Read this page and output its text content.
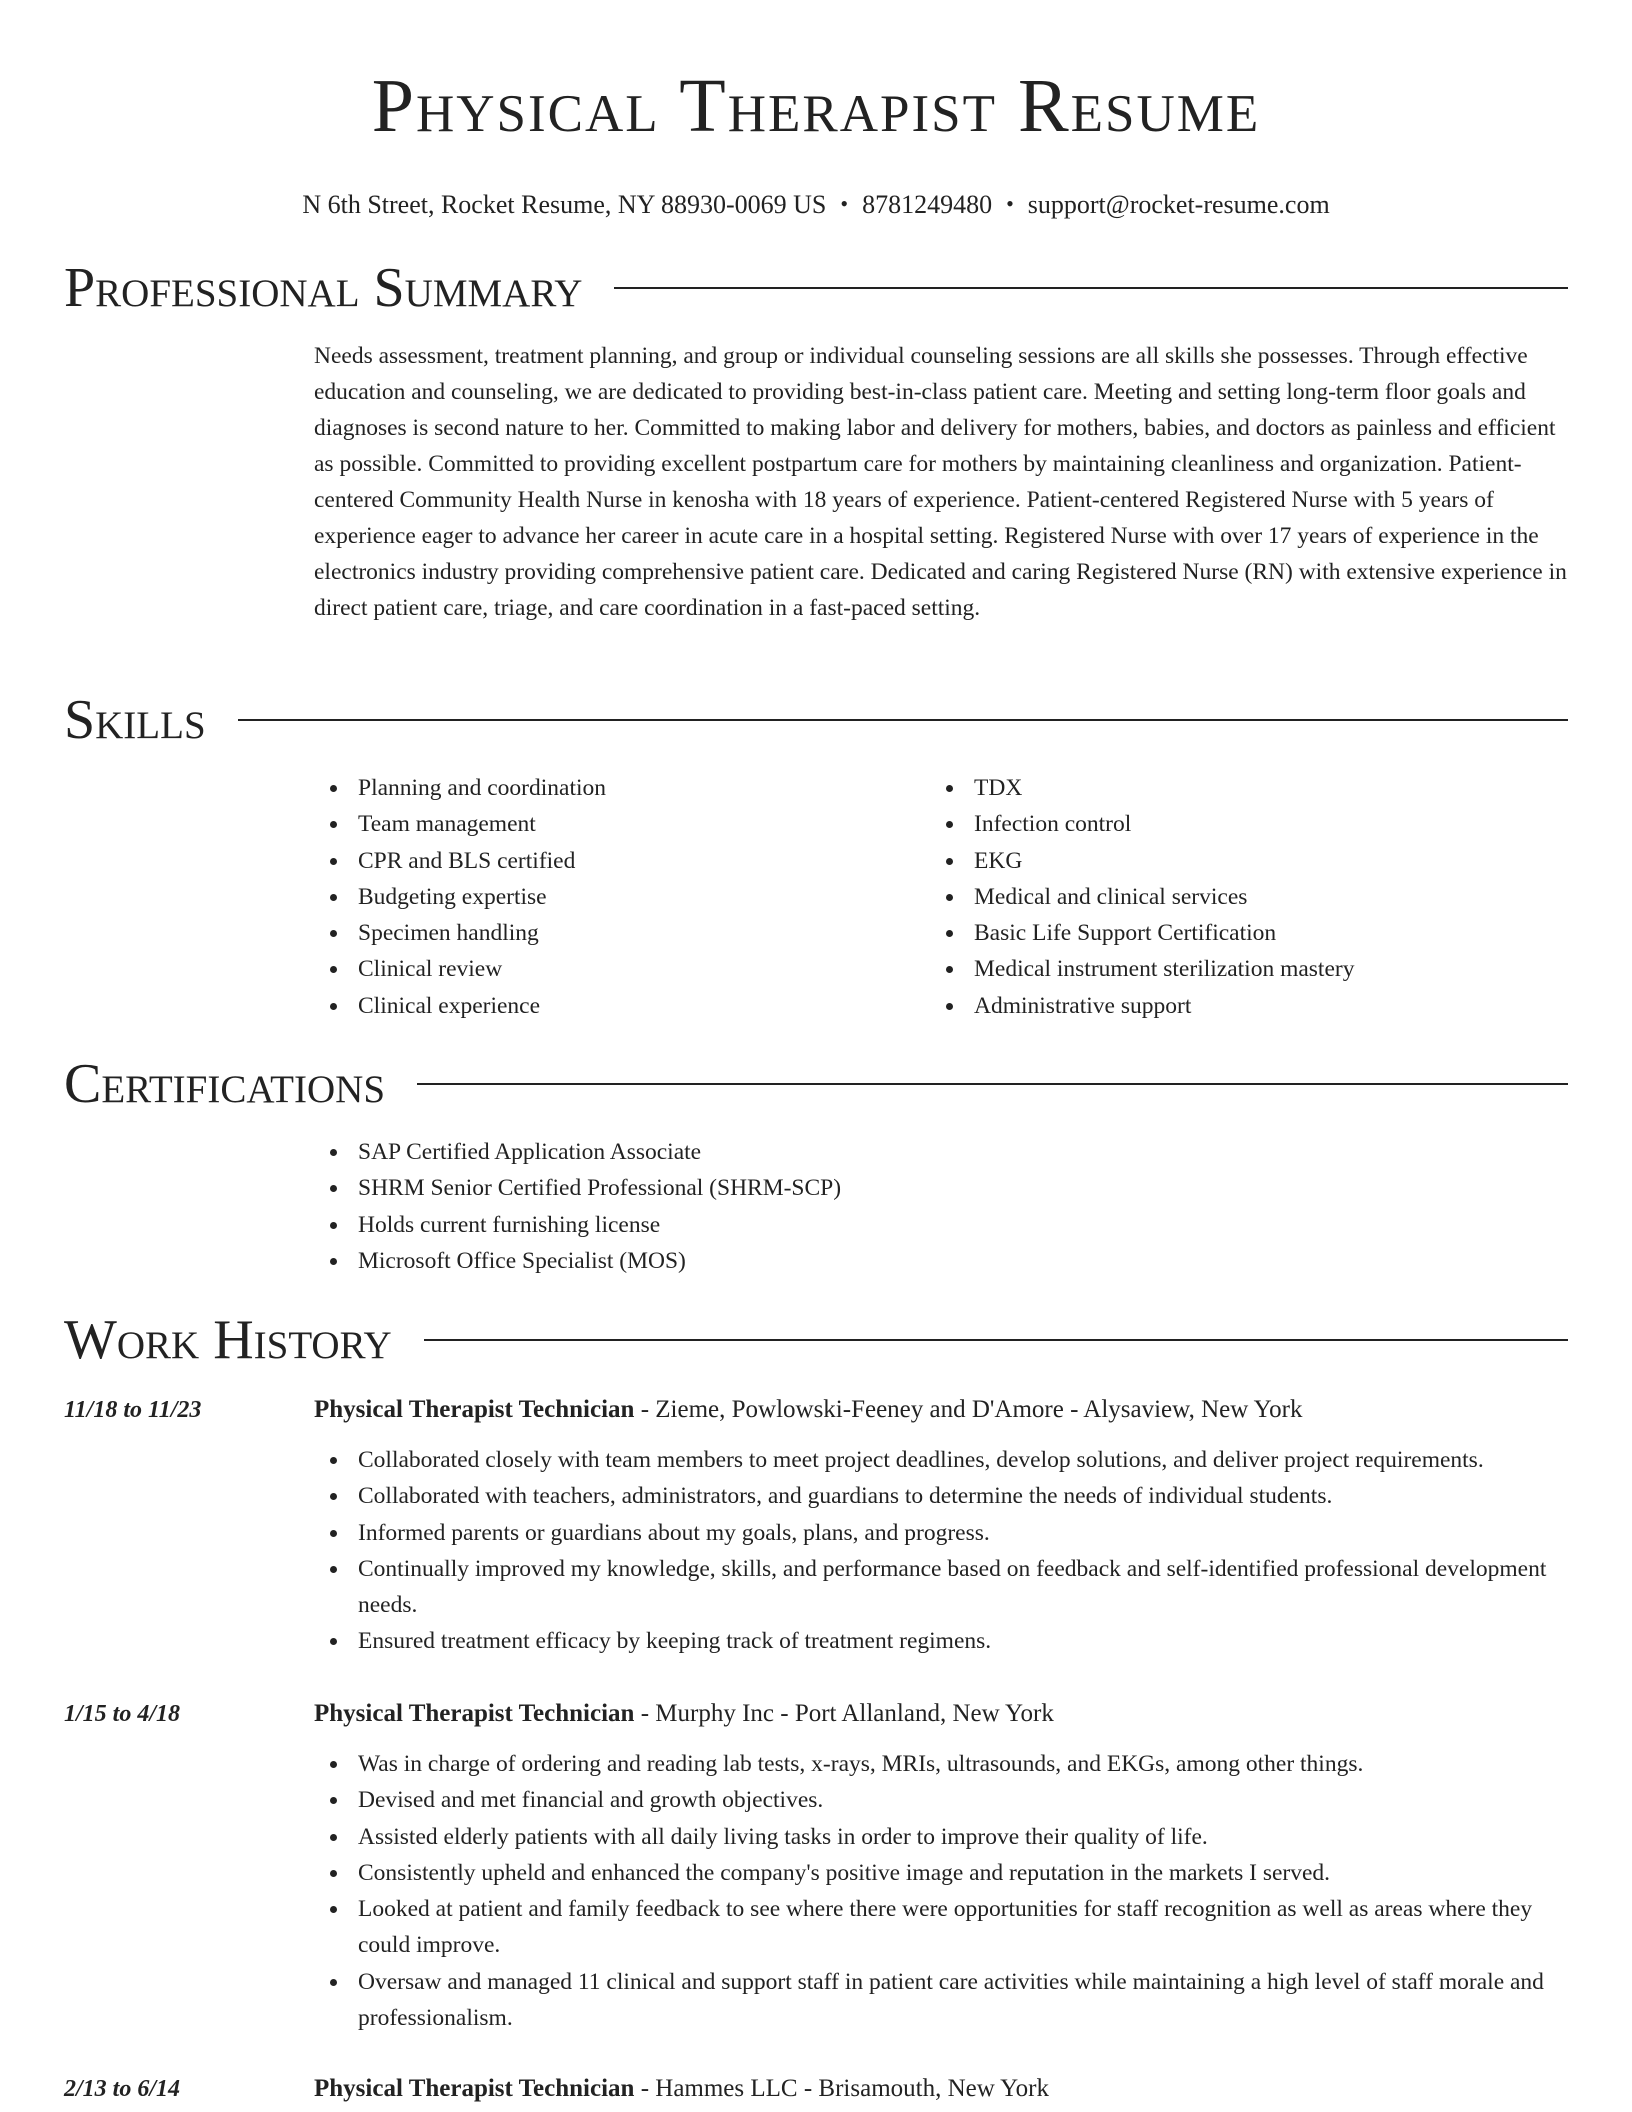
Physical Therapist Resume
N 6th Street, Rocket Resume, NY 88930-0069 US • 8781249480 • support@rocket-resume.com
Professional Summary

Needs assessment, treatment planning, and group or individual counseling sessions are all skills she possesses. Through effective education and counseling, we are dedicated to providing best-in-class patient care. Meeting and setting long-term floor goals and diagnoses is second nature to her. Committed to making labor and delivery for mothers, babies, and doctors as painless and efficient as possible. Committed to providing excellent postpartum care for mothers by maintaining cleanliness and organization. Patient-centered Community Health Nurse in kenosha with 18 years of experience. Patient-centered Registered Nurse with 5 years of experience eager to advance her career in acute care in a hospital setting. Registered Nurse with over 17 years of experience in the electronics industry providing comprehensive patient care. Dedicated and caring Registered Nurse (RN) with extensive experience in direct patient care, triage, and care coordination in a fast-paced setting.

Skills
Planning and coordination
Team management
CPR and BLS certified
Budgeting expertise
Specimen handling
Clinical review
Clinical experience
TDX
Infection control
EKG
Medical and clinical services
Basic Life Support Certification
Medical instrument sterilization mastery
Administrative support
Certifications
SAP Certified Application Associate
SHRM Senior Certified Professional (SHRM-SCP)
Holds current furnishing license
Microsoft Office Specialist (MOS)
Work History
11/18 to 11/23	Physical Therapist Technician - Zieme, Powlowski-Feeney and D'Amore - Alysaview, New York
Collaborated closely with team members to meet project deadlines, develop solutions, and deliver project requirements.
Collaborated with teachers, administrators, and guardians to determine the needs of individual students.
Informed parents or guardians about my goals, plans, and progress.
Continually improved my knowledge, skills, and performance based on feedback and self-identified professional development needs.
Ensured treatment efficacy by keeping track of treatment regimens.
1/15 to 4/18	Physical Therapist Technician - Murphy Inc - Port Allanland, New York
Was in charge of ordering and reading lab tests, x-rays, MRIs, ultrasounds, and EKGs, among other things.
Devised and met financial and growth objectives.
Assisted elderly patients with all daily living tasks in order to improve their quality of life.
Consistently upheld and enhanced the company's positive image and reputation in the markets I served.
Looked at patient and family feedback to see where there were opportunities for staff recognition as well as areas where they could improve.
Oversaw and managed 11 clinical and support staff in patient care activities while maintaining a high level of staff morale and professionalism.
2/13 to 6/14	Physical Therapist Technician - Hammes LLC - Brisamouth, New York
